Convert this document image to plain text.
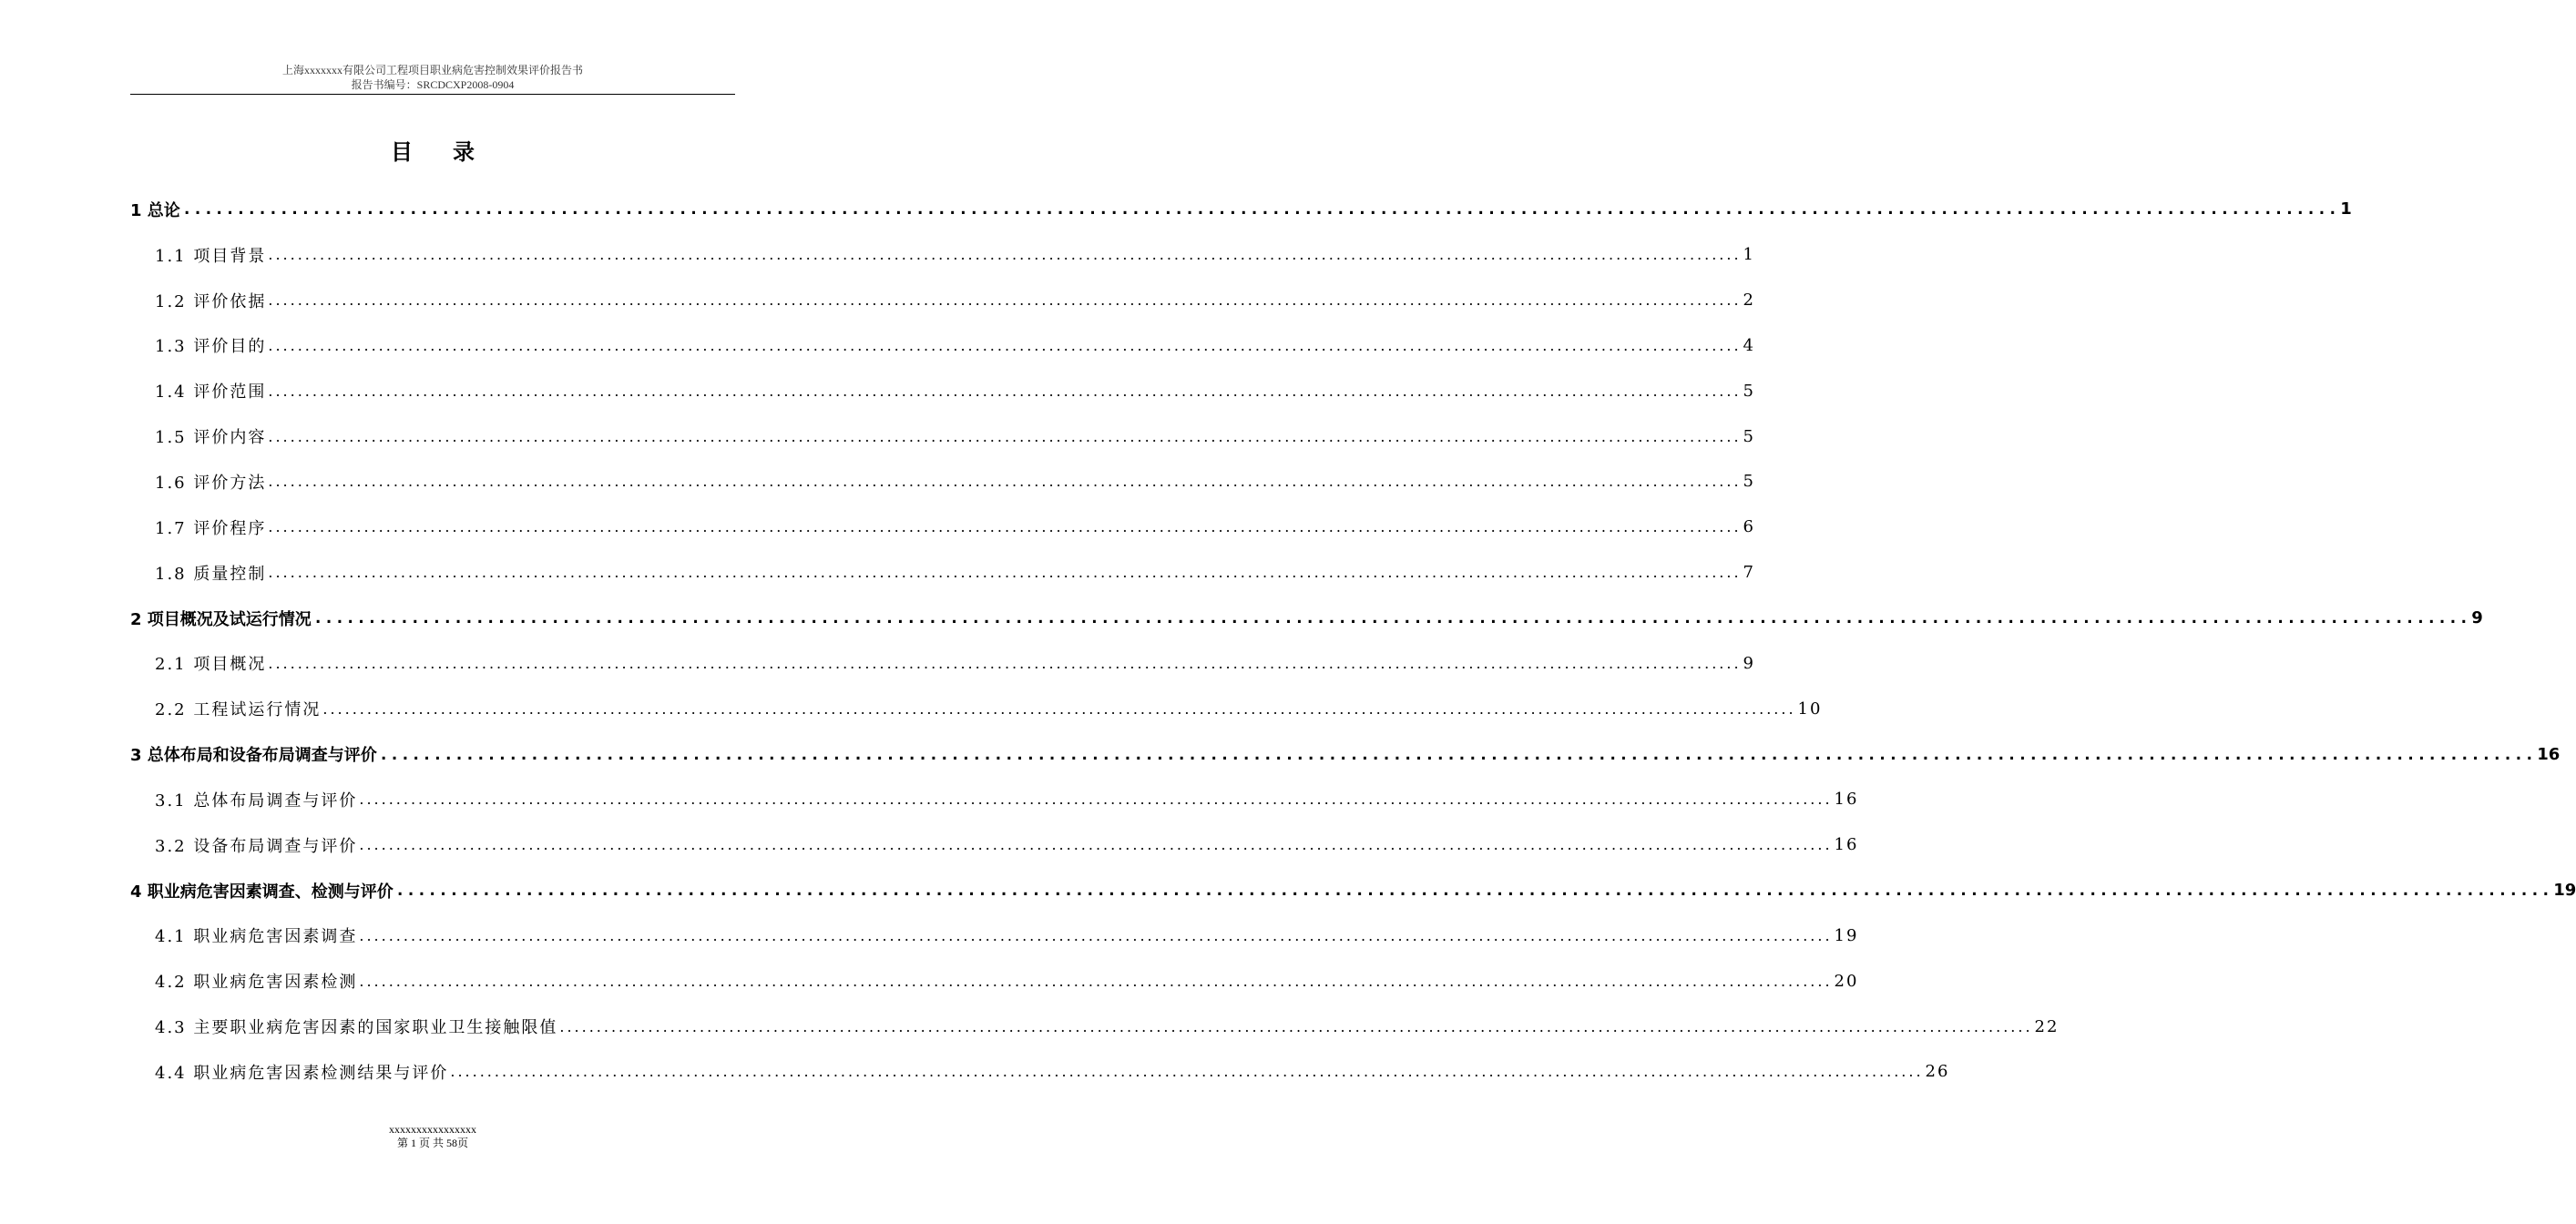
上海xxxxxxx有限公司工程项目职业病危害控制效果评价报告书
报告书编号：SRCDCXP2008-0904
目录
1 总论 ........................................................................................................................................................................................................ 1
1.1 项目背景 ........................................................................................................................................................................................................ 1
1.2 评价依据 ........................................................................................................................................................................................................ 2
1.3 评价目的 ........................................................................................................................................................................................................ 4
1.4 评价范围 ........................................................................................................................................................................................................ 5
1.5 评价内容 ........................................................................................................................................................................................................ 5
1.6 评价方法 ........................................................................................................................................................................................................ 5
1.7 评价程序 ........................................................................................................................................................................................................ 6
1.8 质量控制 ........................................................................................................................................................................................................ 7
2 项目概况及试运行情况 ........................................................................................................................................................................................................ 9
2.1 项目概况 ........................................................................................................................................................................................................ 9
2.2 工程试运行情况 ........................................................................................................................................................................................................ 10
3 总体布局和设备布局调查与评价 ........................................................................................................................................................................................................ 16
3.1 总体布局调查与评价 ........................................................................................................................................................................................................ 16
3.2 设备布局调查与评价 ........................................................................................................................................................................................................ 16
4 职业病危害因素调查、检测与评价 ........................................................................................................................................................................................................ 19
4.1 职业病危害因素调查 ........................................................................................................................................................................................................ 19
4.2 职业病危害因素检测 ........................................................................................................................................................................................................ 20
4.3 主要职业病危害因素的国家职业卫生接触限值 ........................................................................................................................................................................................................ 22
4.4 职业病危害因素检测结果与评价 ........................................................................................................................................................................................................ 26
xxxxxxxxxxxxxxxx
第 1 页 共 58页
